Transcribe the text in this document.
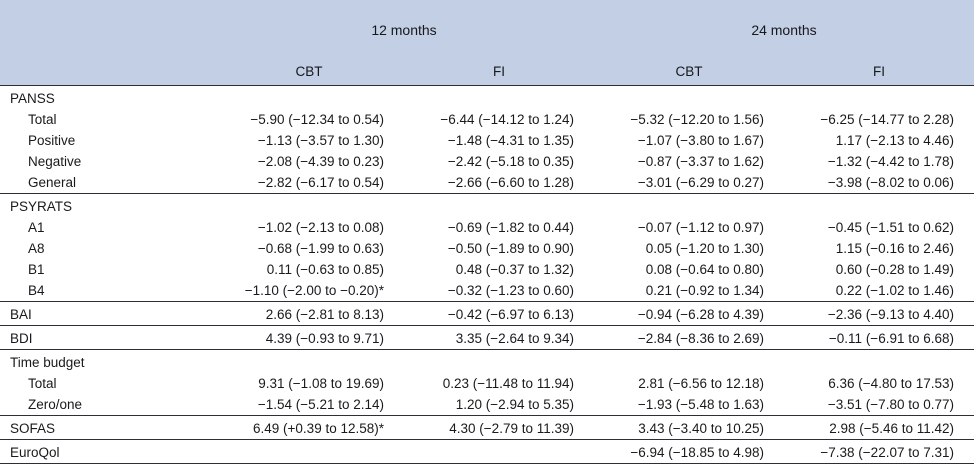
	12 months		24 months	

	CBT	FI	CBT	FI

PANSS				
Total	−5.90 (−12.34 to 0.54)	−6.44 (−14.12 to 1.24)	−5.32 (−12.20 to 1.56)	−6.25 (−14.77 to 2.28)
Positive	−1.13 (−3.57 to 1.30)	−1.48 (−4.31 to 1.35)	−1.07 (−3.80 to 1.67)	1.17 (−2.13 to 4.46)
Negative	−2.08 (−4.39 to 0.23)	−2.42 (−5.18 to 0.35)	−0.87 (−3.37 to 1.62)	−1.32 (−4.42 to 1.78)
General	−2.82 (−6.17 to 0.54)	−2.66 (−6.60 to 1.28)	−3.01 (−6.29 to 0.27)	−3.98 (−8.02 to 0.06)
PSYRATS				
A1	−1.02 (−2.13 to 0.08)	−0.69 (−1.82 to 0.44)	−0.07 (−1.12 to 0.97)	−0.45 (−1.51 to 0.62)
A8	−0.68 (−1.99 to 0.63)	−0.50 (−1.89 to 0.90)	0.05 (−1.20 to 1.30)	1.15 (−0.16 to 2.46)
B1	0.11 (−0.63 to 0.85)	0.48 (−0.37 to 1.32)	0.08 (−0.64 to 0.80)	0.60 (−0.28 to 1.49)
B4	−1.10 (−2.00 to −0.20)*	−0.32 (−1.23 to 0.60)	0.21 (−0.92 to 1.34)	0.22 (−1.02 to 1.46)
BAI	2.66 (−2.81 to 8.13)	−0.42 (−6.97 to 6.13)	−0.94 (−6.28 to 4.39)	−2.36 (−9.13 to 4.40)
BDI	4.39 (−0.93 to 9.71)	3.35 (−2.64 to 9.34)	−2.84 (−8.36 to 2.69)	−0.11 (−6.91 to 6.68)
Time budget				
Total	9.31 (−1.08 to 19.69)	0.23 (−11.48 to 11.94)	2.81 (−6.56 to 12.18)	6.36 (−4.80 to 17.53)
Zero/one	−1.54 (−5.21 to 2.14)	1.20 (−2.94 to 5.35)	−1.93 (−5.48 to 1.63)	−3.51 (−7.80 to 0.77)
SOFAS	6.49 (+0.39 to 12.58)*	4.30 (−2.79 to 11.39)	3.43 (−3.40 to 10.25)	2.98 (−5.46 to 11.42)
EuroQol			−6.94 (−18.85 to 4.98)	−7.38 (−22.07 to 7.31)
